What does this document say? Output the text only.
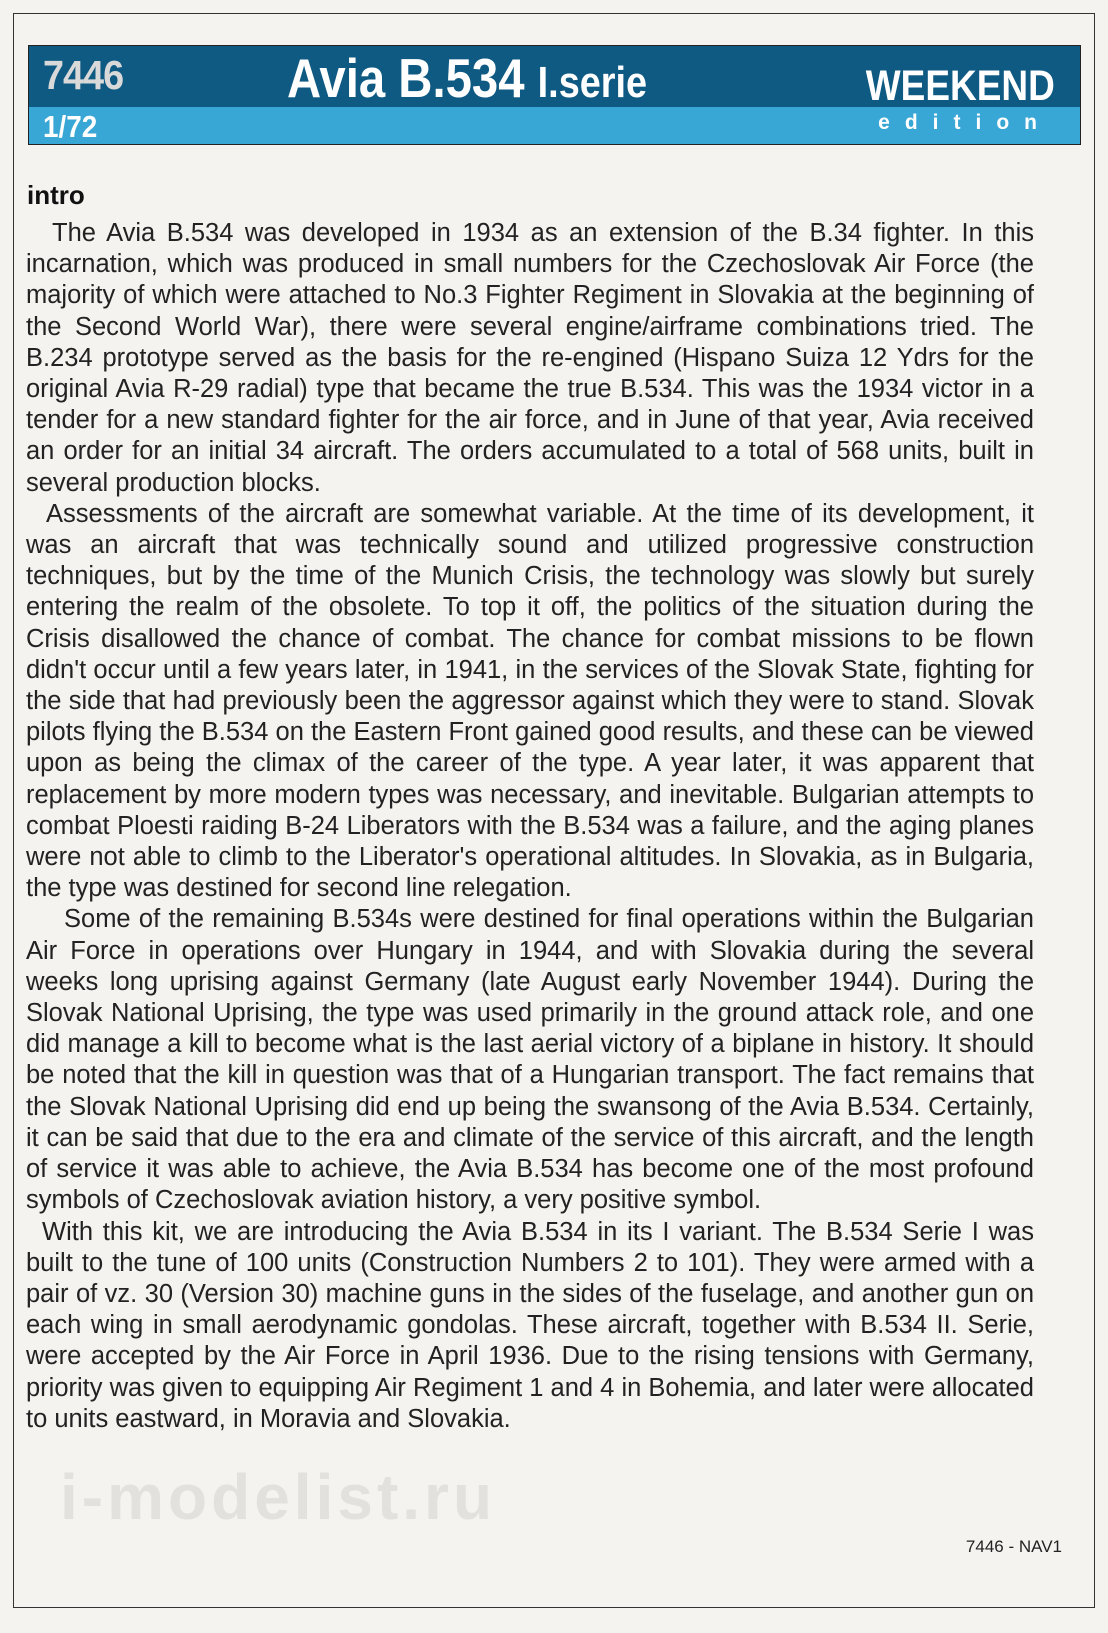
7446
1/72
Avia B.534 I.serie	WEEKEND
edition
intro

The Avia B.534 was developed in 1934 as an extension of the B.34 fighter. In this incarnation, which was produced in small numbers for the Czechoslovak Air Force (the majority of which were attached to No.3 Fighter Regiment in Slovakia at the beginning of the Second World War), there were several engine/airframe combinations tried. The B.234 prototype served as the basis for the re-engined (Hispano Suiza 12 Ydrs for the original Avia R-29 radial) type that became the true B.534. This was the 1934 victor in a tender for a new standard fighter for the air force, and in June of that year, Avia received an order for an initial 34 aircraft. The orders accumulated to a total of 568 units, built in several production blocks.

Assessments of the aircraft are somewhat variable. At the time of its development, it was an aircraft that was technically sound and utilized progressive construction techniques, but by the time of the Munich Crisis, the technology was slowly but surely entering the realm of the obsolete. To top it off, the politics of the situation during the Crisis disallowed the chance of combat. The chance for combat missions to be flown didn't occur until a few years later, in 1941, in the services of the Slovak State, fighting for the side that had previously been the aggressor against which they were to stand. Slovak pilots flying the B.534 on the Eastern Front gained good results, and these can be viewed upon as being the climax of the career of the type. A year later, it was apparent that replacement by more modern types was necessary, and inevitable. Bulgarian attempts to combat Ploesti raiding B-24 Liberators with the B.534 was a failure, and the aging planes were not able to climb to the Liberator's operational altitudes. In Slovakia, as in Bulgaria, the type was destined for second line relegation.

Some of the remaining B.534s were destined for final operations within the Bulgarian Air Force in operations over Hungary in 1944, and with Slovakia during the several weeks long uprising against Germany (late August early November 1944). During the Slovak National Uprising, the type was used primarily in the ground attack role, and one did manage a kill to become what is the last aerial victory of a biplane in history. It should be noted that the kill in question was that of a Hungarian transport. The fact remains that the Slovak National Uprising did end up being the swansong of the Avia B.534. Certainly, it can be said that due to the era and climate of the service of this aircraft, and the length of service it was able to achieve, the Avia B.534 has become one of the most profound symbols of Czechoslovak aviation history, a very positive symbol.

With this kit, we are introducing the Avia B.534 in its I variant. The B.534 Serie I was built to the tune of 100 units (Construction Numbers 2 to 101). They were armed with a pair of vz. 30 (Version 30) machine guns in the sides of the fuselage, and another gun on each wing in small aerodynamic gondolas. These aircraft, together with B.534 II. Serie, were accepted by the Air Force in April 1936. Due to the rising tensions with Germany, priority was given to equipping Air Regiment 1 and 4 in Bohemia, and later were allocated to units eastward, in Moravia and Slovakia.

i-modelist.ru
7446 - NAV1
